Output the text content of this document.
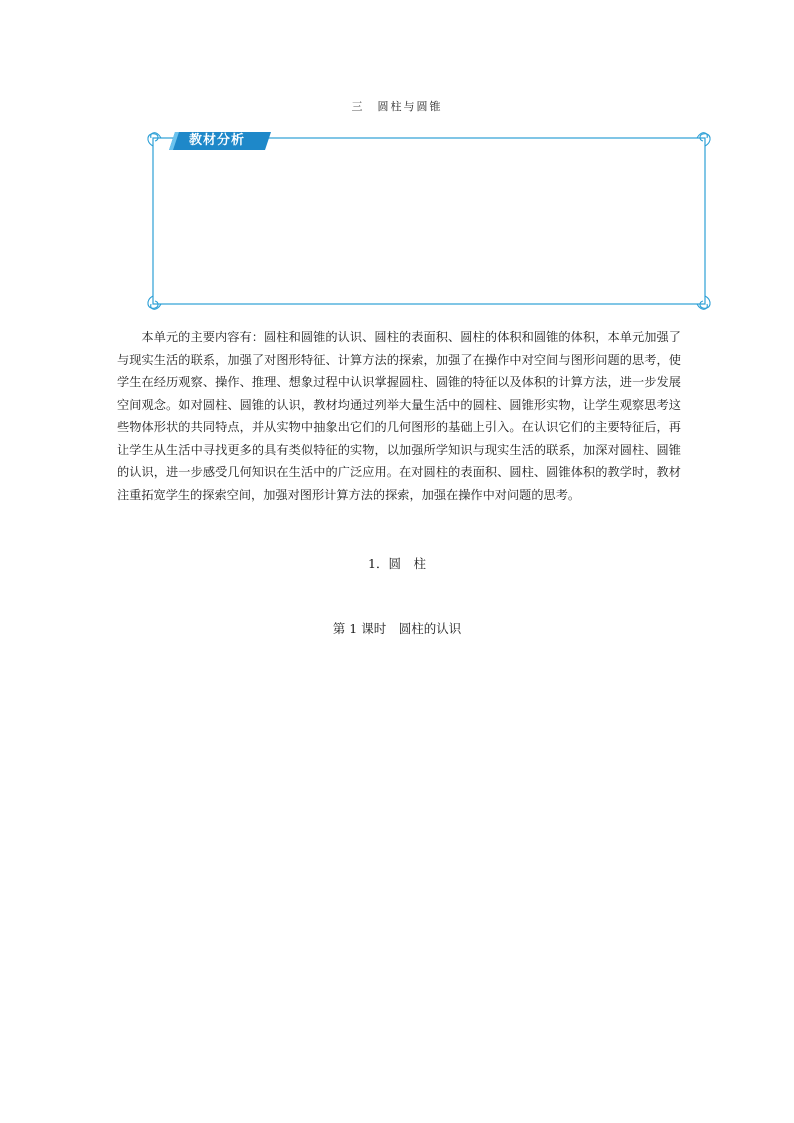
三　圆柱与圆锥
教材分析

本单元的主要内容有：圆柱和圆锥的认识、圆柱的表面积、圆柱的体积和圆锥的体积，本单元加强了与现实生活的联系，加强了对图形特征、计算方法的探索，加强了在操作中对空间与图形问题的思考，使学生在经历观察、操作、推理、想象过程中认识掌握圆柱、圆锥的特征以及体积的计算方法，进一步发展空间观念。如对圆柱、圆锥的认识，教材均通过列举大量生活中的圆柱、圆锥形实物，让学生观察思考这些物体形状的共同特点，并从实物中抽象出它们的几何图形的基础上引入。在认识它们的主要特征后，再让学生从生活中寻找更多的具有类似特征的实物，以加强所学知识与现实生活的联系，加深对圆柱、圆锥的认识，进一步感受几何知识在生活中的广泛应用。在对圆柱的表面积、圆柱、圆锥体积的教学时，教材注重拓宽学生的探索空间，加强对图形计算方法的探索，加强在操作中对问题的思考。

1．圆　柱
第 1 课时　圆柱的认识
